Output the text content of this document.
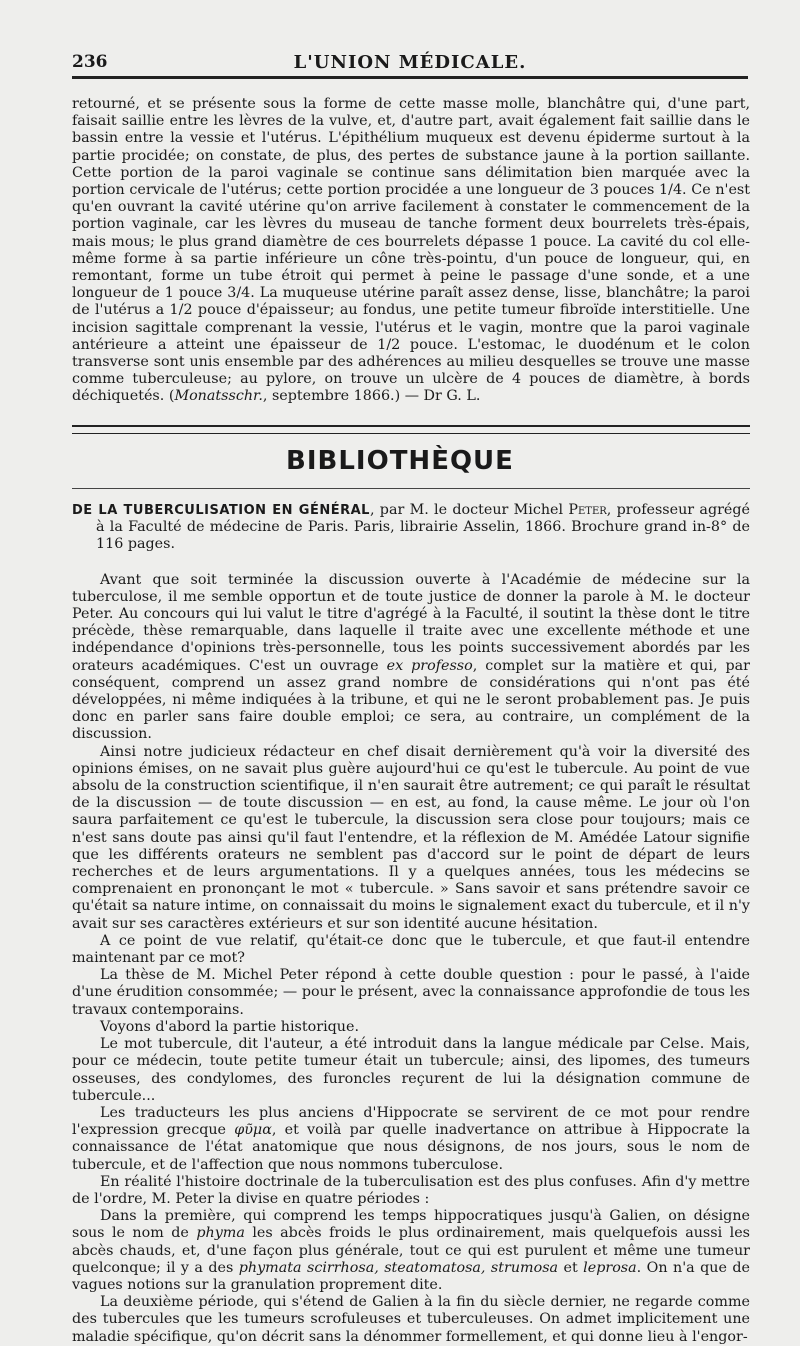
236	L'UNION MÉDICALE.

retourné, et se présente sous la forme de cette masse molle, blanchâtre qui, d'une part, faisait saillie entre les lèvres de la vulve, et, d'autre part, avait également fait saillie dans le bassin entre la vessie et l'utérus. L'épithélium muqueux est devenu épiderme surtout à la partie procidée; on constate, de plus, des pertes de substance jaune à la portion saillante. Cette portion de la paroi vaginale se continue sans délimitation bien marquée avec la portion cervicale de l'utérus; cette portion procidée a une longueur de 3 pouces 1/4. Ce n'est qu'en ouvrant la cavité utérine qu'on arrive facilement à constater le commencement de la portion vaginale, car les lèvres du museau de tanche forment deux bourrelets très-épais, mais mous; le plus grand diamètre de ces bourrelets dépasse 1 pouce. La cavité du col elle-même forme à sa partie inférieure un cône très-pointu, d'un pouce de longueur, qui, en remontant, forme un tube étroit qui permet à peine le passage d'une sonde, et a une longueur de 1 pouce 3/4. La muqueuse utérine paraît assez dense, lisse, blanchâtre; la paroi de l'utérus a 1/2 pouce d'épaisseur; au fondus, une petite tumeur fibroïde interstitielle. Une incision sagittale comprenant la vessie, l'utérus et le vagin, montre que la paroi vaginale antérieure a atteint une épaisseur de 1/2 pouce. L'estomac, le duodénum et le colon transverse sont unis ensemble par des adhérences au milieu desquelles se trouve une masse comme tuberculeuse; au pylore, on trouve un ulcère de 4 pouces de diamètre, à bords déchiquetés. (Monatsschr., septembre 1866.) — Dr G. L.

BIBLIOTHÈQUE

DE LA TUBERCULISATION EN GÉNÉRAL, par M. le docteur Michel Peter, professeur agrégé à la Faculté de médecine de Paris. Paris, librairie Asselin, 1866. Brochure grand in-8° de 116 pages.

Avant que soit terminée la discussion ouverte à l'Académie de médecine sur la tuberculose, il me semble opportun et de toute justice de donner la parole à M. le docteur Peter. Au concours qui lui valut le titre d'agrégé à la Faculté, il soutint la thèse dont le titre précède, thèse remarquable, dans laquelle il traite avec une excellente méthode et une indépendance d'opinions très-personnelle, tous les points successivement abordés par les orateurs académiques. C'est un ouvrage ex professo, complet sur la matière et qui, par conséquent, comprend un assez grand nombre de considérations qui n'ont pas été développées, ni même indiquées à la tribune, et qui ne le seront probablement pas. Je puis donc en parler sans faire double emploi; ce sera, au contraire, un complément de la discussion.

Ainsi notre judicieux rédacteur en chef disait dernièrement qu'à voir la diversité des opinions émises, on ne savait plus guère aujourd'hui ce qu'est le tubercule. Au point de vue absolu de la construction scientifique, il n'en saurait être autrement; ce qui paraît le résultat de la discussion — de toute discussion — en est, au fond, la cause même. Le jour où l'on saura parfaitement ce qu'est le tubercule, la discussion sera close pour toujours; mais ce n'est sans doute pas ainsi qu'il faut l'entendre, et la réflexion de M. Amédée Latour signifie que les différents orateurs ne semblent pas d'accord sur le point de départ de leurs recherches et de leurs argumentations. Il y a quelques années, tous les médecins se comprenaient en prononçant le mot « tubercule. » Sans savoir et sans prétendre savoir ce qu'était sa nature intime, on connaissait du moins le signalement exact du tubercule, et il n'y avait sur ses caractères extérieurs et sur son identité aucune hésitation.

A ce point de vue relatif, qu'était-ce donc que le tubercule, et que faut-il entendre maintenant par ce mot?

La thèse de M. Michel Peter répond à cette double question : pour le passé, à l'aide d'une érudition consommée; — pour le présent, avec la connaissance approfondie de tous les travaux contemporains.

Voyons d'abord la partie historique.

Le mot tubercule, dit l'auteur, a été introduit dans la langue médicale par Celse. Mais, pour ce médecin, toute petite tumeur était un tubercule; ainsi, des lipomes, des tumeurs osseuses, des condylomes, des furoncles reçurent de lui la désignation commune de tubercule...

Les traducteurs les plus anciens d'Hippocrate se servirent de ce mot pour rendre l'expression grecque φῦμα, et voilà par quelle inadvertance on attribue à Hippocrate la connaissance de l'état anatomique que nous désignons, de nos jours, sous le nom de tubercule, et de l'affection que nous nommons tuberculose.

En réalité l'histoire doctrinale de la tuberculisation est des plus confuses. Afin d'y mettre de l'ordre, M. Peter la divise en quatre périodes :

Dans la première, qui comprend les temps hippocratiques jusqu'à Galien, on désigne sous le nom de phyma les abcès froids le plus ordinairement, mais quelquefois aussi les abcès chauds, et, d'une façon plus générale, tout ce qui est purulent et même une tumeur quelconque; il y a des phymata scirrhosa, steatomatosa, strumosa et leprosa. On n'a que de vagues notions sur la granulation proprement dite.

La deuxième période, qui s'étend de Galien à la fin du siècle dernier, ne regarde comme des tubercules que les tumeurs scrofuleuses et tuberculeuses. On admet implicitement une maladie spécifique, qu'on décrit sans la dénommer formellement, et qui donne lieu à l'engor-
